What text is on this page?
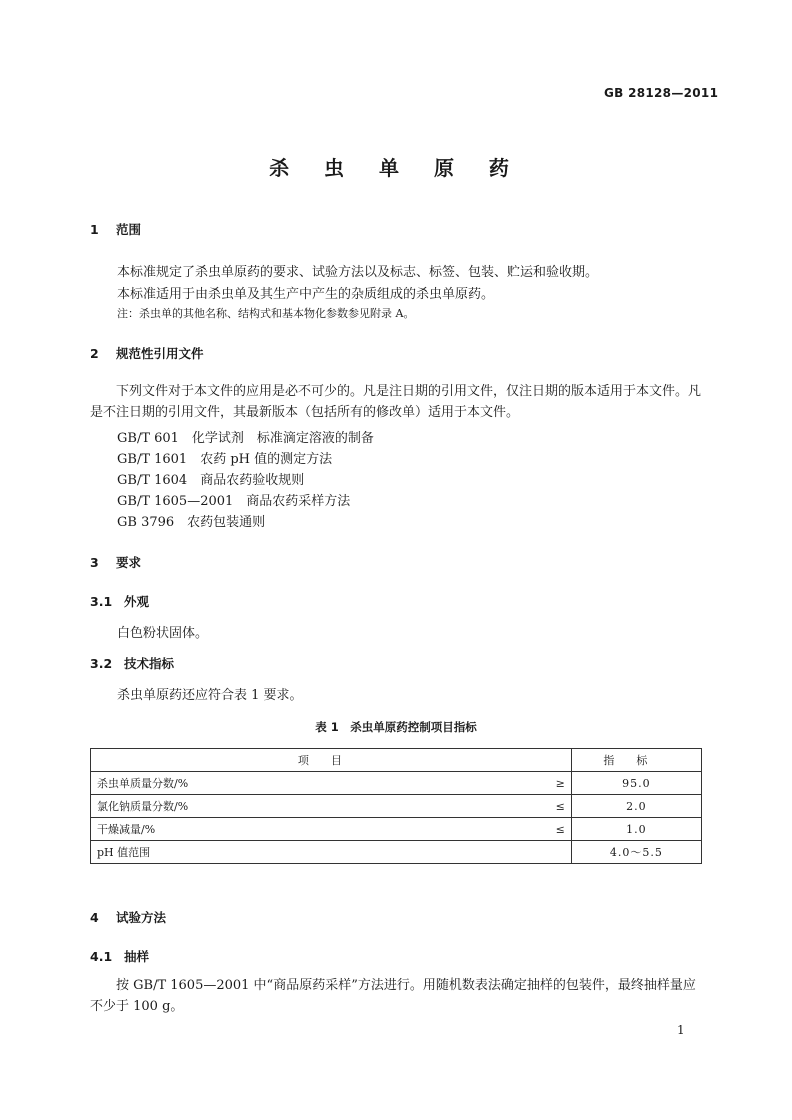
GB 28128—2011
杀 虫 单 原 药
1 范围
本标准规定了杀虫单原药的要求、试验方法以及标志、标签、包装、贮运和验收期。
本标准适用于由杀虫单及其生产中产生的杂质组成的杀虫单原药。
注：杀虫单的其他名称、结构式和基本物化参数参见附录 A。
2 规范性引用文件
下列文件对于本文件的应用是必不可少的。凡是注日期的引用文件，仅注日期的版本适用于本文件。凡是不注日期的引用文件，其最新版本（包括所有的修改单）适用于本文件。
GB/T 601　化学试剂　标准滴定溶液的制备
GB/T 1601　农药 pH 值的测定方法
GB/T 1604　商品农药验收规则
GB/T 1605—2001　商品农药采样方法
GB 3796　农药包装通则
3 要求
3.1 外观
白色粉状固体。
3.2 技术指标
杀虫单原药还应符合表 1 要求。
表 1　杀虫单原药控制项目指标
项目		指标
杀虫单质量分数/%	≥	95.0
氯化钠质量分数/%	≤	2.0
干燥减量/%	≤	1.0
pH 值范围		4.0～5.5
4 试验方法
4.1 抽样
按 GB/T 1605—2001 中“商品原药采样”方法进行。用随机数表法确定抽样的包装件，最终抽样量应不少于 100 g。
1
